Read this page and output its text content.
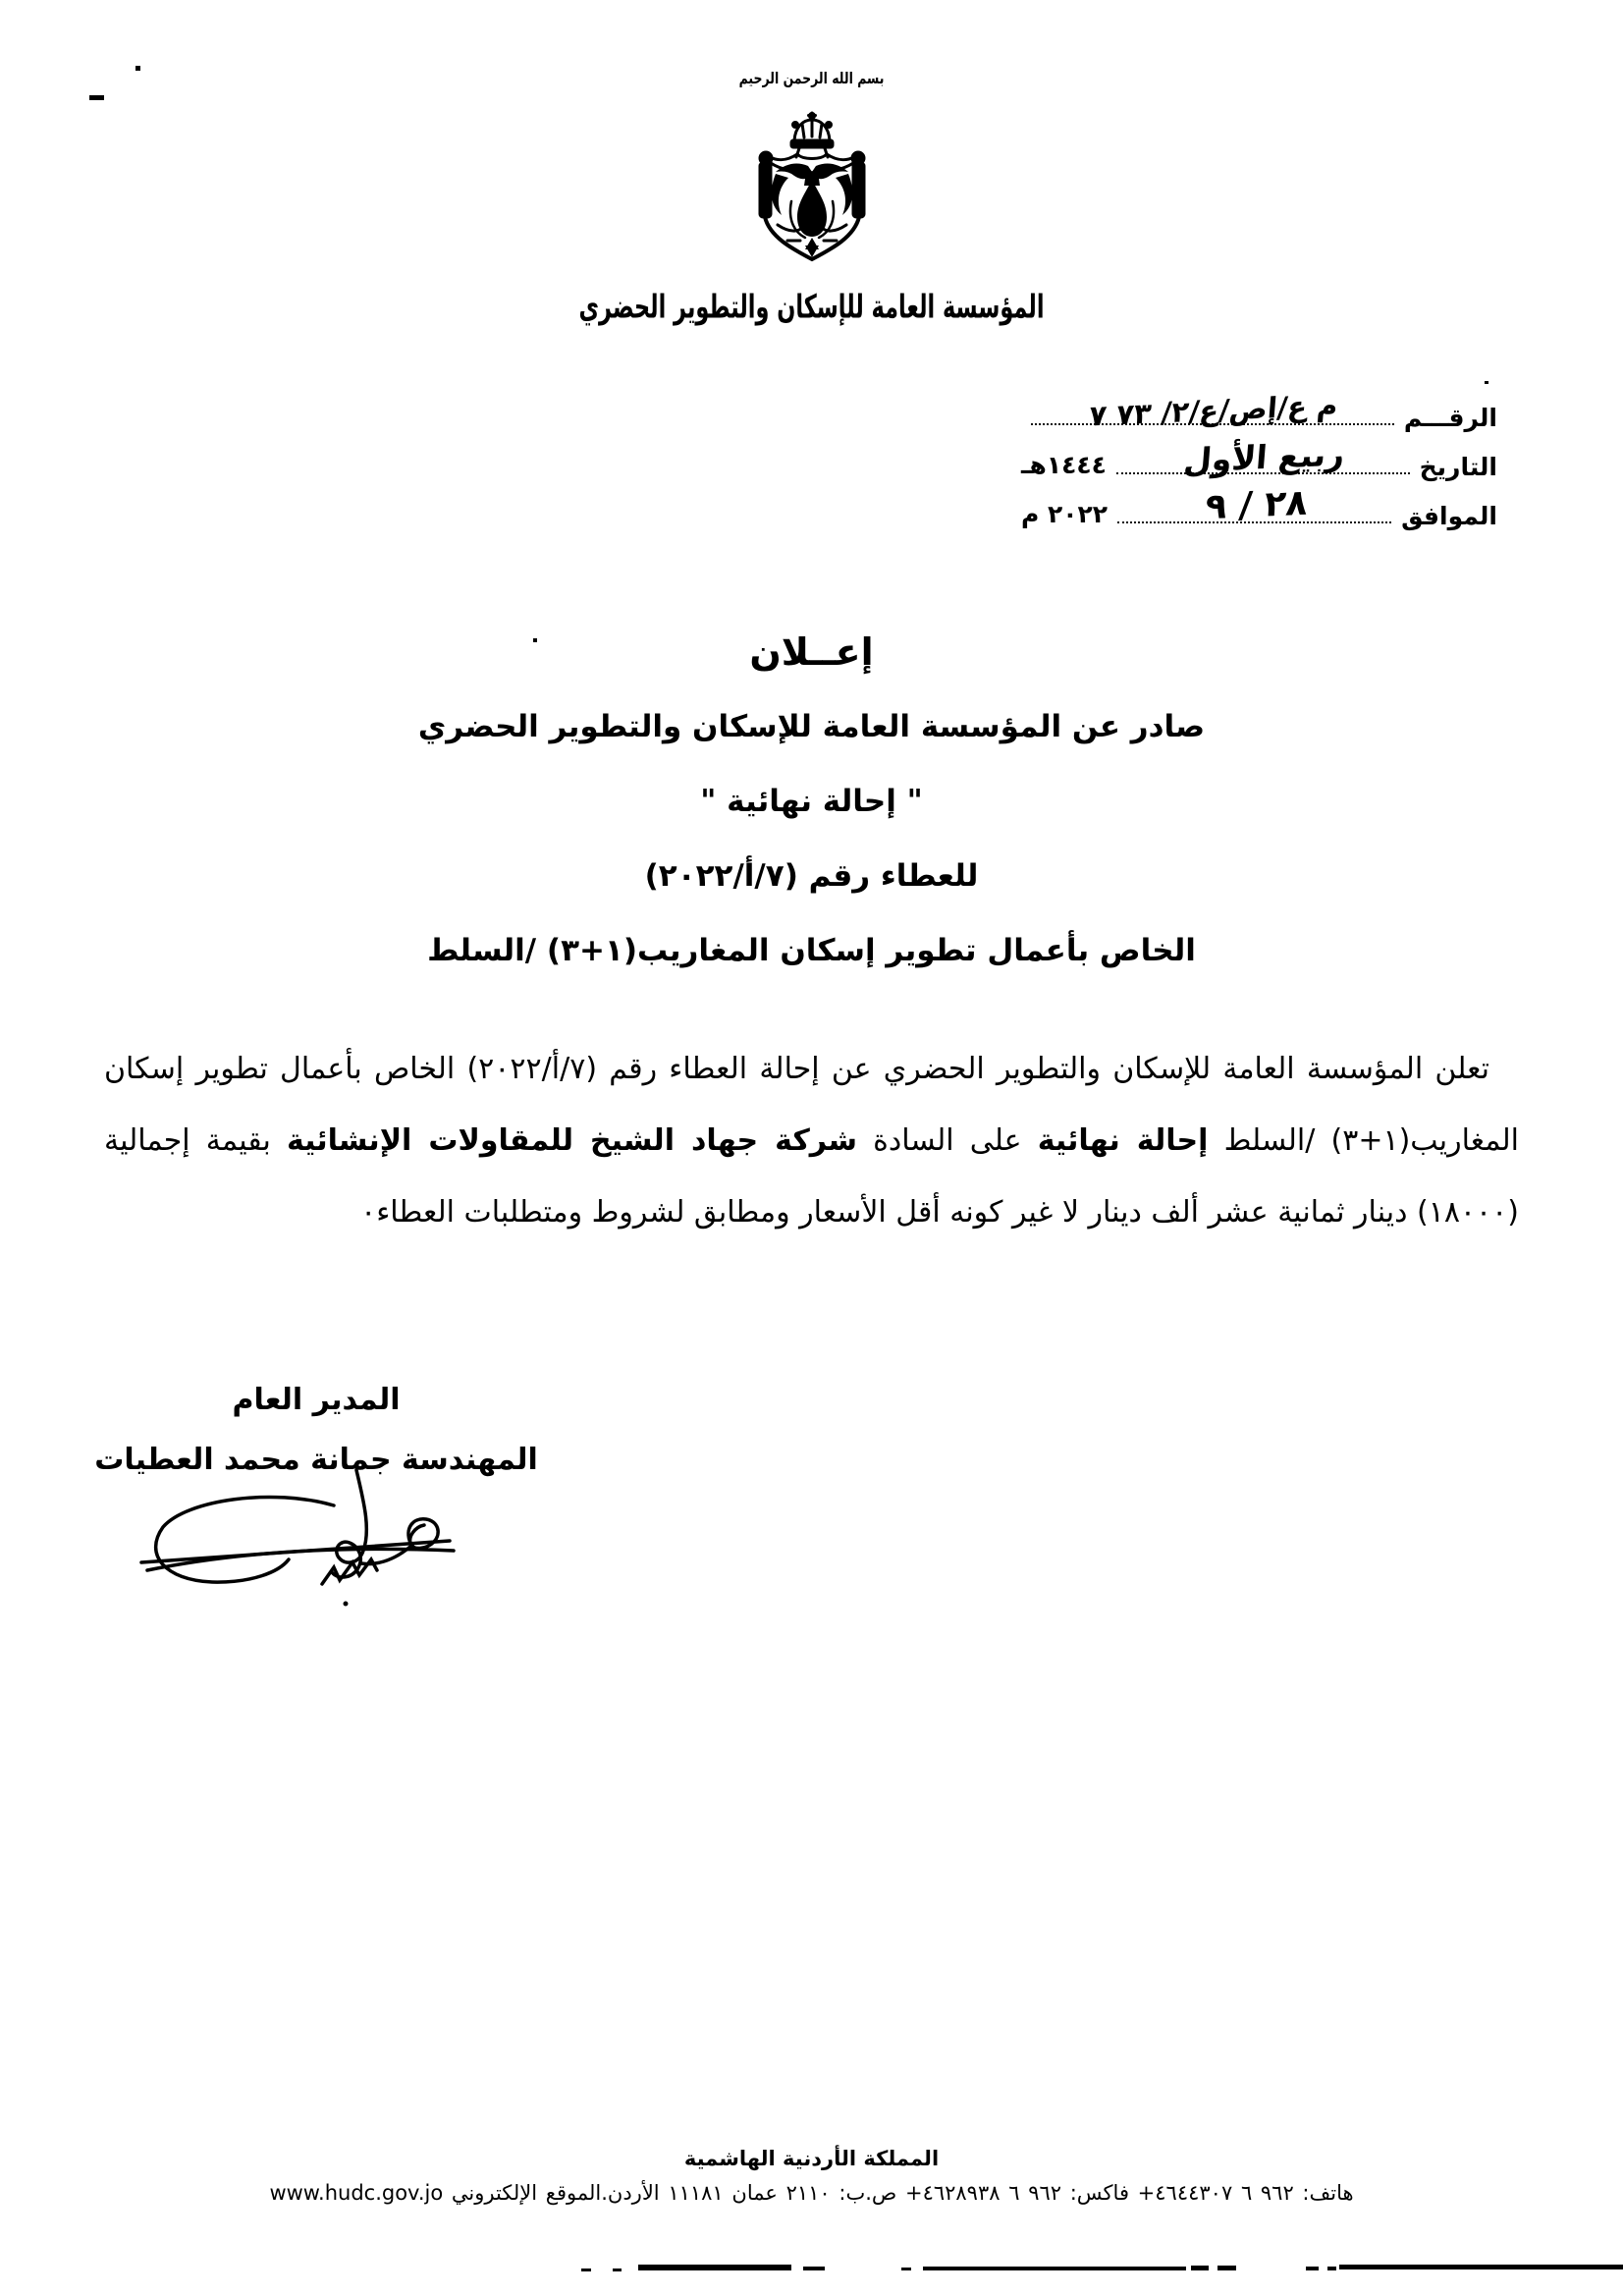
بسم الله الرحمن الرحيم
المؤسسة العامة للإسكان والتطوير الحضري
الرقـــم
م ع/إص/ع/٢/ ٧٣ ٧
التاريخ
ربيع الأول
١٤٤٤هـ
الموافق
٢٨ / ٩
٢٠٢٢ م

إعــلان

صادر عن المؤسسة العامة للإسكان والتطوير الحضري

" إحالة نهائية "

للعطاء رقم (٧/أ/٢٠٢٢)

الخاص بأعمال تطوير إسكان المغاريب(١+٣) /السلط

تعلن المؤسسة العامة للإسكان والتطوير الحضري عن إحالة العطاء رقم (٧/أ/٢٠٢٢) الخاص بأعمال تطوير إسكان المغاريب(١+٣) /السلط إحالة نهائية على السادة شركة جهاد الشيخ للمقاولات الإنشائية بقيمة إجمالية (١٨٠٠٠) دينار ثمانية عشر ألف دينار لا غير كونه أقل الأسعار ومطابق لشروط ومتطلبات العطاء٠

المدير العام

المهندسة جمانة محمد العطيات

المملكة الأردنية الهاشمية
هاتف: ‪+٩٦٢ ٦ ٤٦٤٤٣٠٧‬ فاكس: ‪+٩٦٢ ٦ ٤٦٢٨٩٣٨‬ ص.ب: ٢١١٠ عمان ١١١٨١ الأردن.الموقع الإلكتروني www.hudc.gov.jo
